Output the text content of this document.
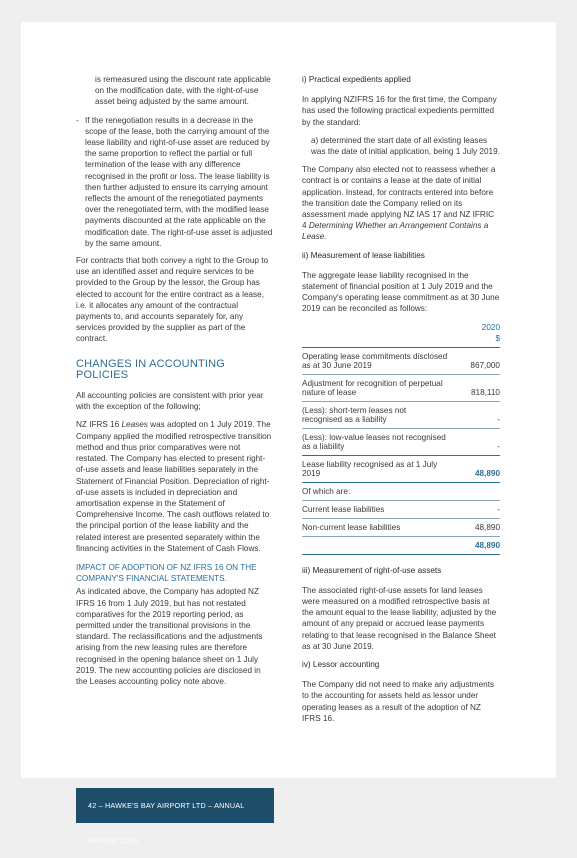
is remeasured using the discount rate applicable on the modification date, with the right-of-use asset being adjusted by the same amount.

- If the renegotiation results in a decrease in the scope of the lease, both the carrying amount of the lease liability and right-of-use asset are reduced by the same proportion to reflect the partial or full termination of the lease with any difference recognised in the profit or loss. The lease liability is then further adjusted to ensure its carrying amount reflects the amount of the renegotiated payments over the renegotiated term, with the modified lease payments discounted at the rate applicable on the modification date. The right-of-use asset is adjusted by the same amount.

For contracts that both convey a right to the Group to use an identified asset and require services to be provided to the Group by the lessor, the Group has elected to account for the entire contract as a lease, i.e. it allocates any amount of the contractual payments to, and accounts separately for, any services provided by the supplier as part of the contract.

CHANGES IN ACCOUNTING POLICIES

All accounting policies are consistent with prior year with the exception of the following;

NZ IFRS 16 Leases was adopted on 1 July 2019. The Company applied the modified retrospective transition method and thus prior comparatives were not restated. The Company has elected to present right-of-use assets and lease liabilities separately in the Statement of Financial Position. Depreciation of right-of-use assets is included in depreciation and amortisation expense in the Statement of Comprehensive Income. The cash outflows related to the principal portion of the lease liability and the related interest are presented separately within the financing activities in the Statement of Cash Flows.

IMPACT OF ADOPTION OF NZ IFRS 16 ON THE COMPANY'S FINANCIAL STATEMENTS.

As indicated above, the Company has adopted NZ IFRS 16 from 1 July 2019, but has not restated comparatives for the 2019 reporting period, as permitted under the transitional provisions in the standard. The reclassifications and the adjustments arising from the new leasing rules are therefore recognised in the opening balance sheet on 1 July 2019. The new accounting policies are disclosed in the Leases accounting policy note above.

i) Practical expedients applied

In applying NZIFRS 16 for the first time, the Company has used the following practical expedients permitted by the standard:

a) determined the start date of all existing leases was the date of initial application, being 1 July 2019.

The Company also elected not to reassess whether a contract is or contains a lease at the date of initial application. Instead, for contracts entered into before the transition date the Company relied on its assessment made applying NZ IAS 17 and NZ IFRIC 4 Determining Whether an Arrangement Contains a Lease.

ii) Measurement of lease liabilities

The aggregate lease liability recognised in the statement of financial position at 1 July 2019 and the Company's operating lease commitment as at 30 June 2019 can be reconciled as follows:

	2020
$

Operating lease commitments disclosed as at 30 June 2019	867,000
Adjustment for recognition of perpetual nature of lease	818,110
(Less): short-term leases not recognised as a liability	-
(Less): low-value leases not recognised as a liability	-
Lease liability recognised as at 1 July 2019	48,890
Of which are:	
Current lease liabilities	-
Non-current lease liabilities	48,890
	48,890
iii) Measurement of right-of-use assets

The associated right-of-use assets for land leases were measured on a modified retrospective basis at the amount equal to the lease liability, adjusted by the amount of any prepaid or accrued lease payments relating to that lease recognised in the Balance Sheet as at 30 June 2019.

iv) Lessor accounting

The Company did not need to make any adjustments to the accounting for assets held as lessor under operating leases as a result of the adoption of NZ IFRS 16.

42 – HAWKE'S BAY AIRPORT LTD – ANNUAL REPORT 2020
